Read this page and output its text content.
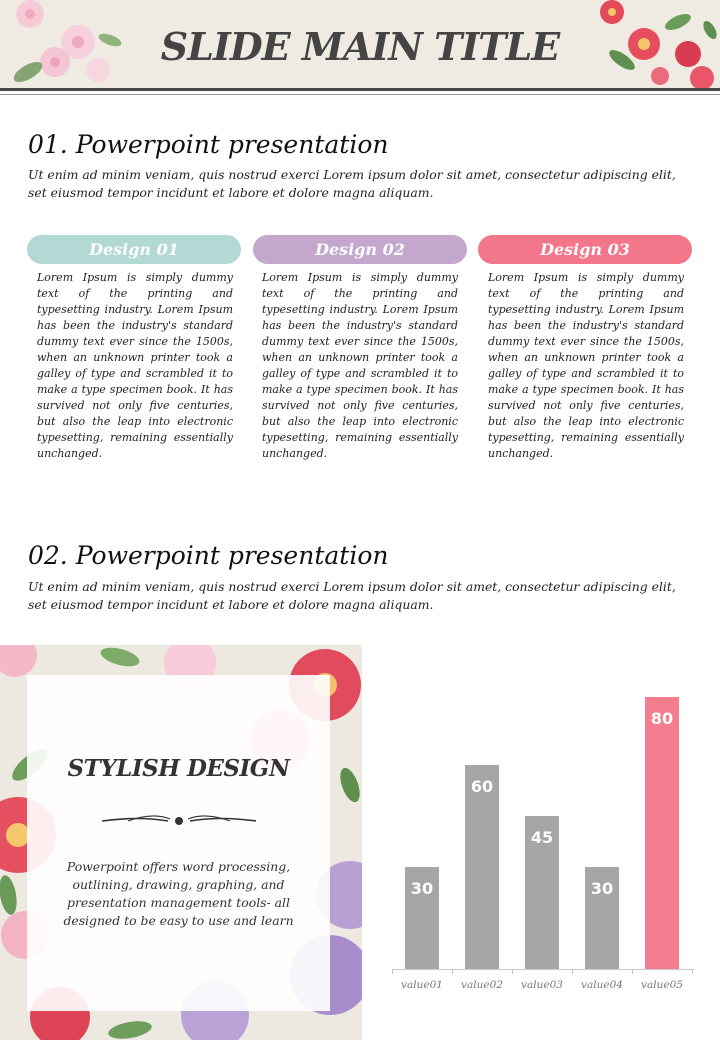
SLIDE MAIN TITLE
01. Powerpoint presentation
Ut enim ad minim veniam, quis nostrud exerci Lorem ipsum dolor sit amet, consectetur adipiscing elit, set eiusmod tempor incidunt et labore et dolore magna aliquam.
Design 01	Design 02	Design 03
Lorem Ipsum is simply dummy text of the printing and typesetting industry. Lorem Ipsum has been the industry's standard dummy text ever since the 1500s, when an unknown printer took a galley of type and scrambled it to make a type specimen book. It has survived not only five centuries, but also the leap into electronic typesetting, remaining essentially unchanged.
Lorem Ipsum is simply dummy text of the printing and typesetting industry. Lorem Ipsum has been the industry's standard dummy text ever since the 1500s, when an unknown printer took a galley of type and scrambled it to make a type specimen book. It has survived not only five centuries, but also the leap into electronic typesetting, remaining essentially unchanged.
Lorem Ipsum is simply dummy text of the printing and typesetting industry. Lorem Ipsum has been the industry's standard dummy text ever since the 1500s, when an unknown printer took a galley of type and scrambled it to make a type specimen book. It has survived not only five centuries, but also the leap into electronic typesetting, remaining essentially unchanged.
02. Powerpoint presentation
Ut enim ad minim veniam, quis nostrud exerci Lorem ipsum dolor sit amet, consectetur adipiscing elit, set eiusmod tempor incidunt et labore et dolore magna aliquam.
STYLISH DESIGN
Powerpoint offers word processing, outlining, drawing, graphing, and presentation management tools- all designed to be easy to use and learn
30
value01
60
value02
45
value03
30
value04
80
value05
